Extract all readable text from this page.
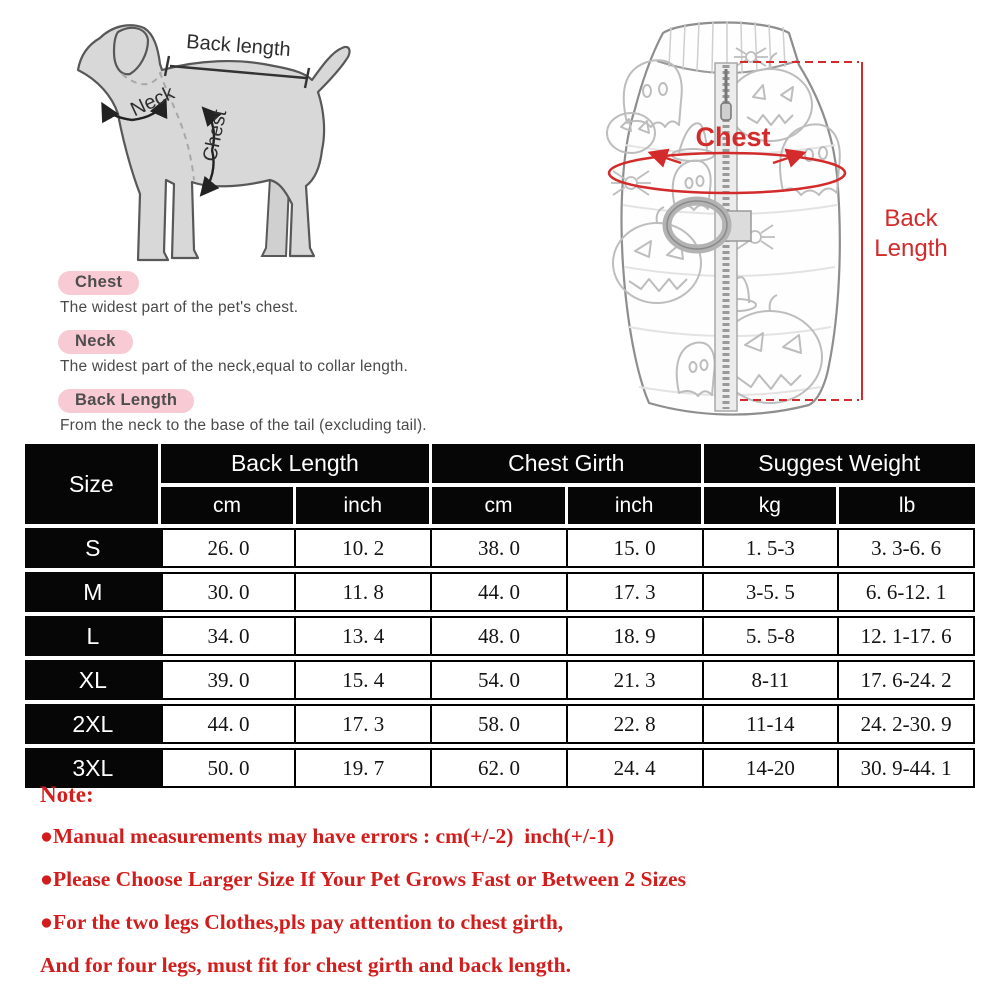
Back length
Neck
Chest
Chest
The widest part of the pet's chest.
Neck
The widest part of the neck,equal to collar length.
Back Length
From the neck to the base of the tail (excluding tail).
Chest
Back
Length
Size	Back Length		Chest Girth		Suggest Weight	
	cm	inch	cm	inch	kg	lb
S	26. 0	10. 2	38. 0	15. 0	1. 5-3	3. 3-6. 6
M	30. 0	11. 8	44. 0	17. 3	3-5. 5	6. 6-12. 1
L	34. 0	13. 4	48. 0	18. 9	5. 5-8	12. 1-17. 6
XL	39. 0	15. 4	54. 0	21. 3	8-11	17. 6-24. 2
2XL	44. 0	17. 3	58. 0	22. 8	11-14	24. 2-30. 9
3XL	50. 0	19. 7	62. 0	24. 4	14-20	30. 9-44. 1

Note:

●Manual measurements may have errors : cm(+/-2)  inch(+/-1)

●Please Choose Larger Size If Your Pet Grows Fast or Between 2 Sizes

●For the two legs Clothes,pls pay attention to chest girth,

And for four legs, must fit for chest girth and back length.
